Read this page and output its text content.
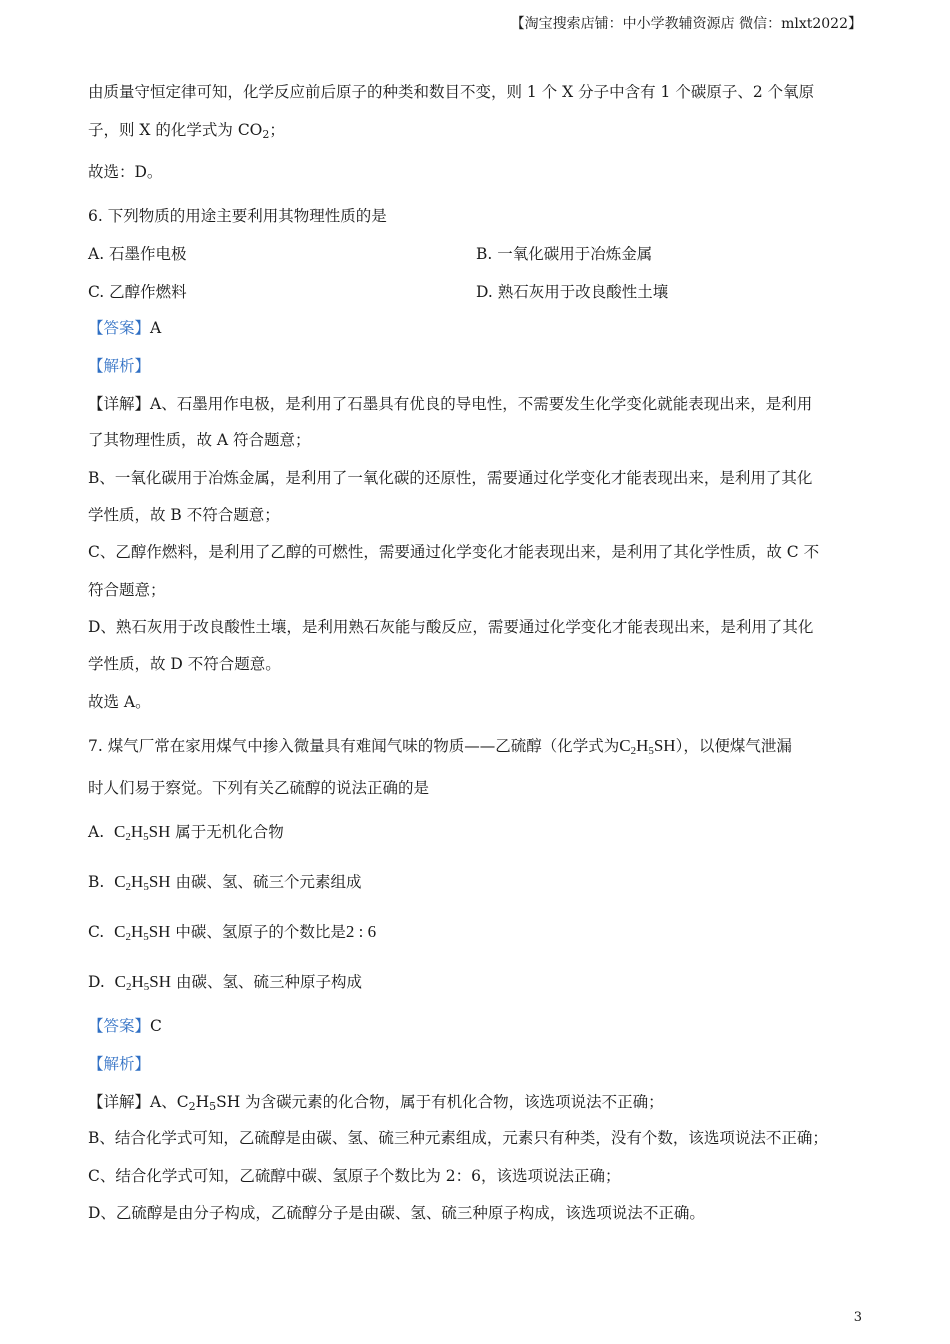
【淘宝搜索店铺：中小学教辅资源店 微信：mlxt2022】
由质量守恒定律可知，化学反应前后原子的种类和数目不变，则 1 个 X 分子中含有 1 个碳原子、2 个氧原
子，则 X 的化学式为 $CO_2$；
故选：D。
6. 下列物质的用途主要利用其物理性质的是
A. 石墨作电极	B. 一氧化碳用于冶炼金属
C. 乙醇作燃料	D. 熟石灰用于改良酸性土壤
【答案】A
【解析】
【详解】A、石墨用作电极，是利用了石墨具有优良的导电性，不需要发生化学变化就能表现出来，是利用
了其物理性质，故 A 符合题意；
B、一氧化碳用于冶炼金属，是利用了一氧化碳的还原性，需要通过化学变化才能表现出来，是利用了其化
学性质，故 B 不符合题意；
C、乙醇作燃料，是利用了乙醇的可燃性，需要通过化学变化才能表现出来，是利用了其化学性质，故 C 不
符合题意；
D、熟石灰用于改良酸性土壤，是利用熟石灰能与酸反应，需要通过化学变化才能表现出来，是利用了其化
学性质，故 D 不符合题意。
故选 A。
7. 煤气厂常在家用煤气中掺入微量具有难闻气味的物质——乙硫醇（化学式为$C_2H_5SH$），以便煤气泄漏
时人们易于察觉。下列有关乙硫醇的说法正确的是
A. $C_2H_5SH$ 属于无机化合物
B. $C_2H_5SH$ 由碳、氢、硫三个元素组成
C. $C_2H_5SH$ 中碳、氢原子的个数比是2 : 6
D. $C_2H_5SH$ 由碳、氢、硫三种原子构成
【答案】C
【解析】
【详解】A、$C_2H_5SH$ 为含碳元素的化合物，属于有机化合物，该选项说法不正确；
B、结合化学式可知，乙硫醇是由碳、氢、硫三种元素组成，元素只有种类，没有个数，该选项说法不正确；
C、结合化学式可知，乙硫醇中碳、氢原子个数比为 2：6，该选项说法正确；
D、乙硫醇是由分子构成，乙硫醇分子是由碳、氢、硫三种原子构成，该选项说法不正确。
3
